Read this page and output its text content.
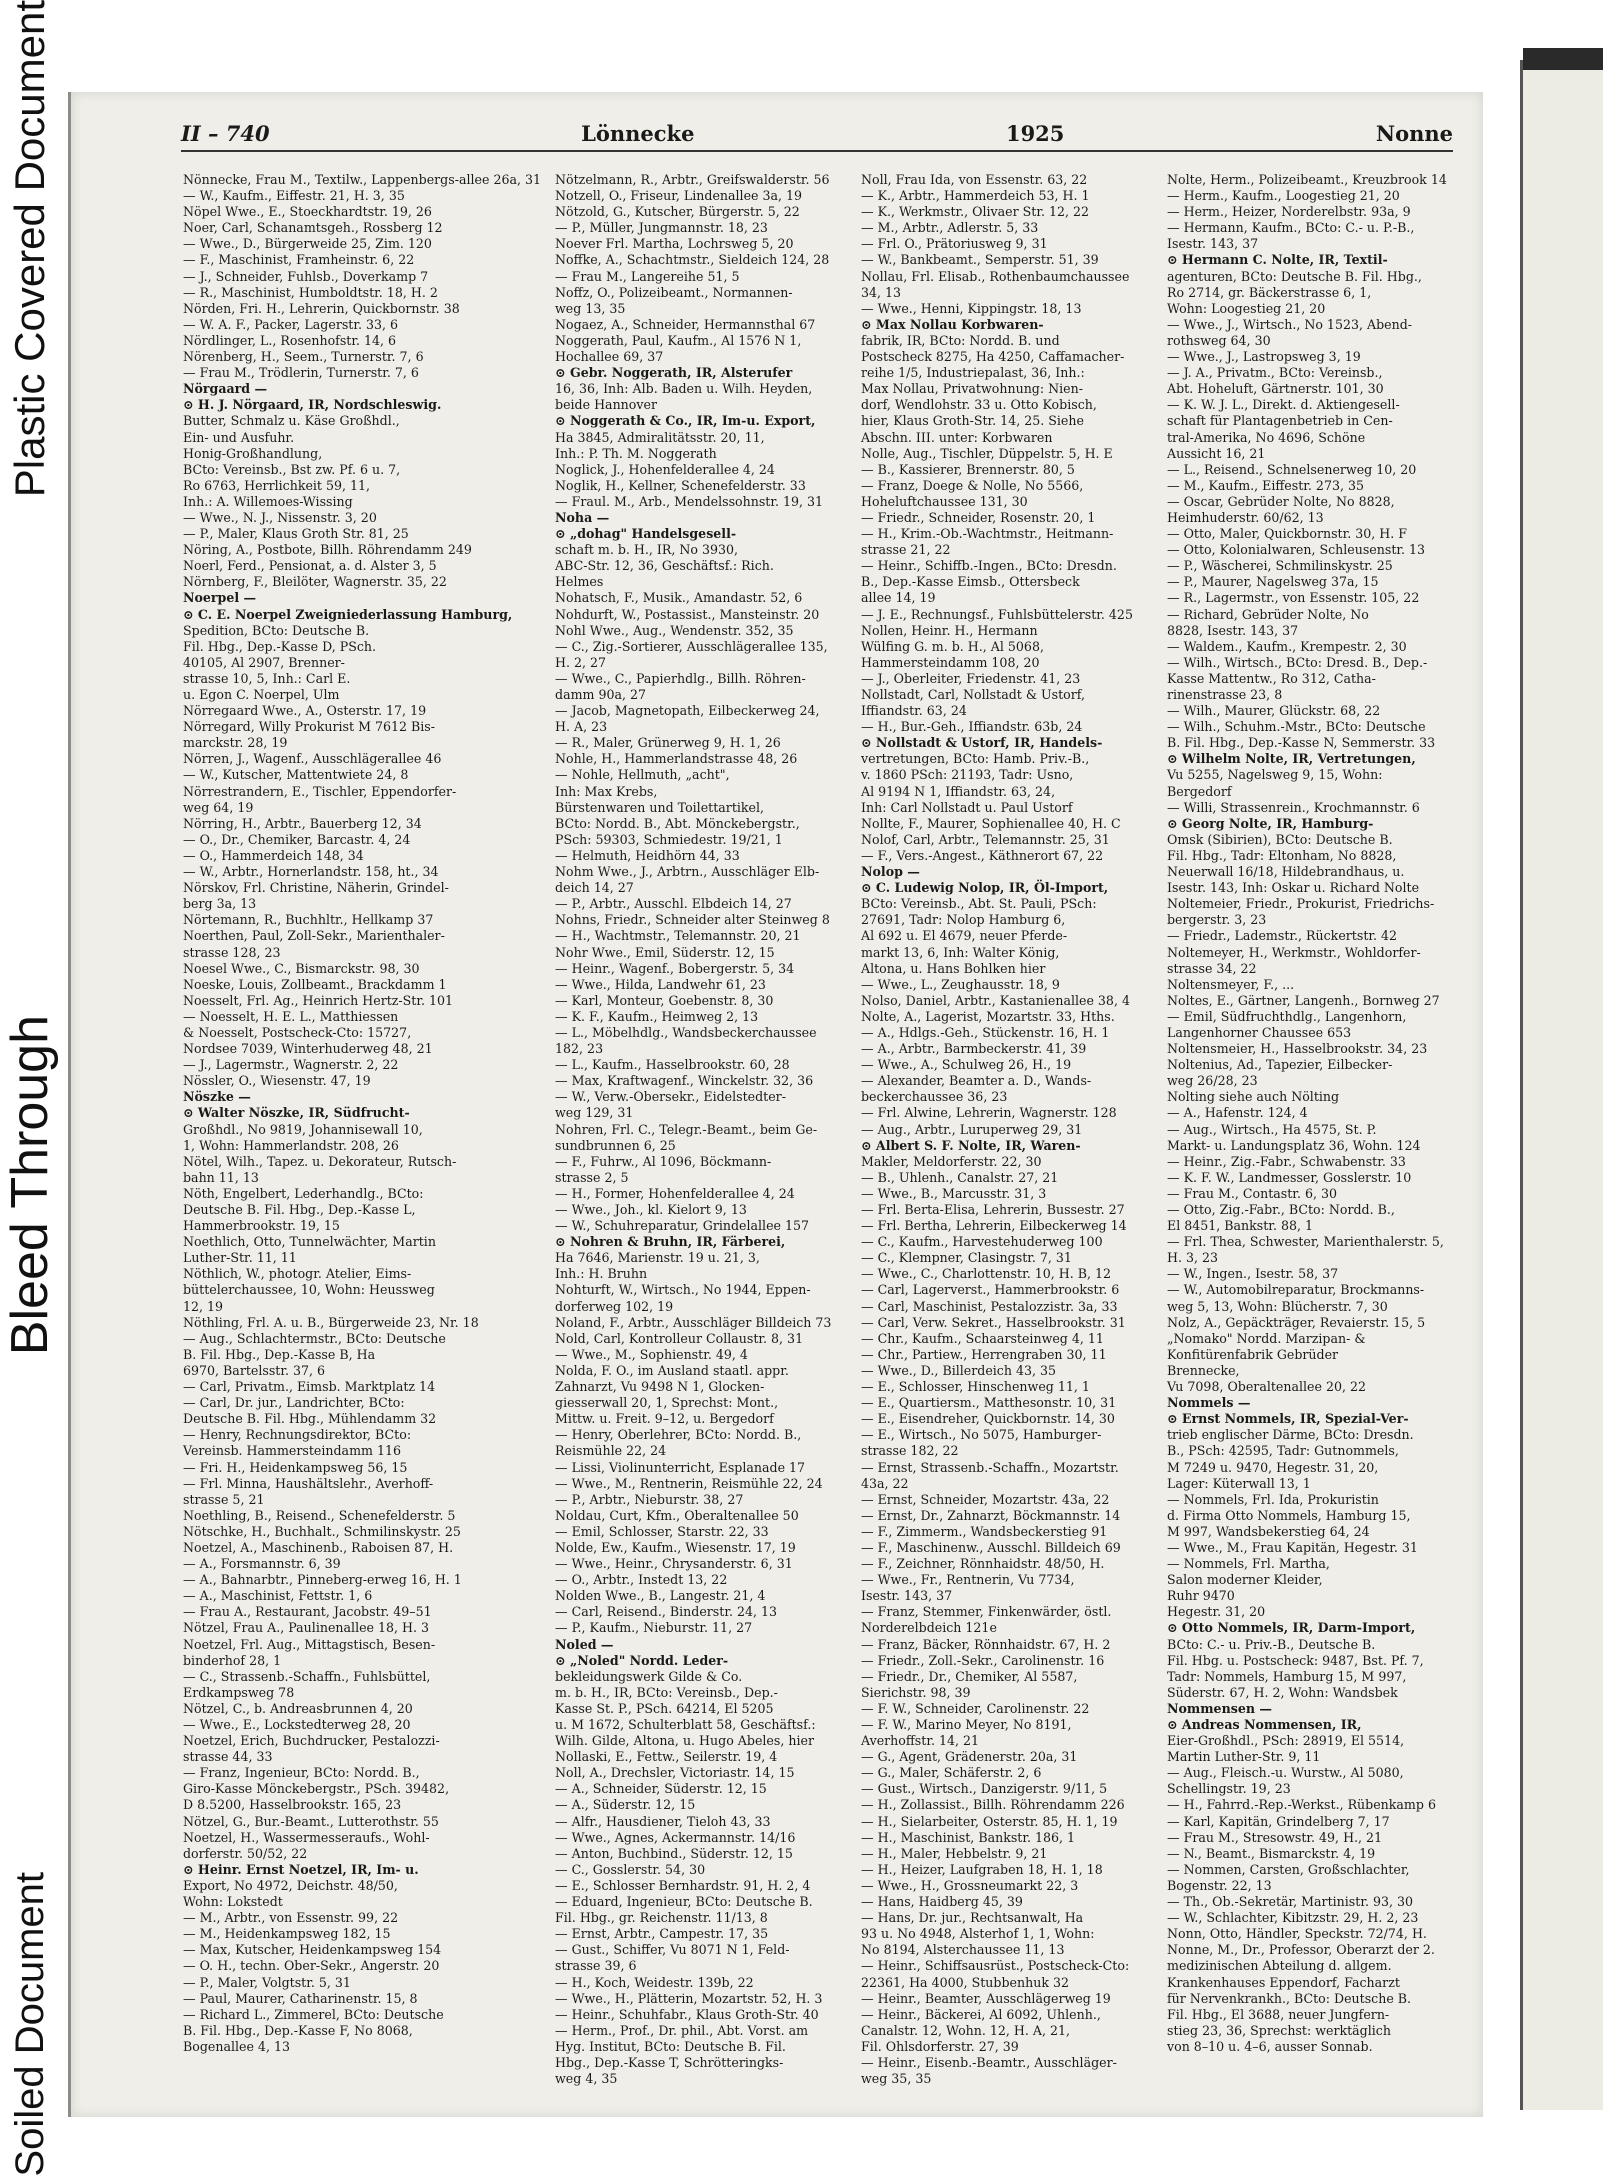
Plastic Covered Document
Bleed Through
Soiled Document
II – 740	Lönnecke	1925	Nonne

Nönnecke, Frau M., Textilw., Lappenbergs-allee 26a, 31

— W., Kaufm., Eiffestr. 21, H. 3, 35

Nöpel Wwe., E., Stoeckhardtstr. 19, 26

Noer, Carl, Schanamtsgeh., Rossberg 12

— Wwe., D., Bürgerweide 25, Zim. 120

— F., Maschinist, Framheinstr. 6, 22

— J., Schneider, Fuhlsb., Doverkamp 7

— R., Maschinist, Humboldtstr. 18, H. 2

Nörden, Fri. H., Lehrerin, Quickbornstr. 38

— W. A. F., Packer, Lagerstr. 33, 6

Nördlinger, L., Rosenhofstr. 14, 6

Nörenberg, H., Seem., Turnerstr. 7, 6

— Frau M., Trödlerin, Turnerstr. 7, 6

Nörgaard —

⊙ H. J. Nörgaard, IR, Nordschleswig.

Butter, Schmalz u. Käse Großhdl.,

Ein- und Ausfuhr.

Honig-Großhandlung,

BCto: Vereinsb., Bst zw. Pf. 6 u. 7,

Ro 6763, Herrlichkeit 59, 11,

Inh.: A. Willemoes-Wissing

— Wwe., N. J., Nissenstr. 3, 20

— P., Maler, Klaus Groth Str. 81, 25

Nöring, A., Postbote, Billh. Röhrendamm 249

Noerl, Ferd., Pensionat, a. d. Alster 3, 5

Nörnberg, F., Bleilöter, Wagnerstr. 35, 22

Noerpel —

⊙ C. E. Noerpel Zweigniederlassung Hamburg,

Spedition, BCto: Deutsche B.

Fil. Hbg., Dep.-Kasse D, PSch.

40105, Al 2907, Brenner-

strasse 10, 5, Inh.: Carl E.

u. Egon C. Noerpel, Ulm

Nörregaard Wwe., A., Osterstr. 17, 19

Nörregard, Willy Prokurist M 7612 Bis-

marckstr. 28, 19

Nörren, J., Wagenf., Ausschlägerallee 46

— W., Kutscher, Mattentwiete 24, 8

Nörrestrandern, E., Tischler, Eppendorfer-

weg 64, 19

Nörring, H., Arbtr., Bauerberg 12, 34

— O., Dr., Chemiker, Barcastr. 4, 24

— O., Hammerdeich 148, 34

— W., Arbtr., Hornerlandstr. 158, ht., 34

Nörskov, Frl. Christine, Näherin, Grindel-

berg 3a, 13

Nörtemann, R., Buchhltr., Hellkamp 37

Noerthen, Paul, Zoll-Sekr., Marienthaler-

strasse 128, 23

Noesel Wwe., C., Bismarckstr. 98, 30

Noeske, Louis, Zollbeamt., Brackdamm 1

Noesselt, Frl. Ag., Heinrich Hertz-Str. 101

— Noesselt, H. E. L., Matthiessen

& Noesselt, Postscheck-Cto: 15727,

Nordsee 7039, Winterhuderweg 48, 21

— J., Lagermstr., Wagnerstr. 2, 22

Nössler, O., Wiesenstr. 47, 19

Nöszke —

⊙ Walter Nöszke, IR, Südfrucht-

Großhdl., No 9819, Johannisewall 10,

1, Wohn: Hammerlandstr. 208, 26

Nötel, Wilh., Tapez. u. Dekorateur, Rutsch-

bahn 11, 13

Nöth, Engelbert, Lederhandlg., BCto:

Deutsche B. Fil. Hbg., Dep.-Kasse L,

Hammerbrookstr. 19, 15

Noethlich, Otto, Tunnelwächter, Martin

Luther-Str. 11, 11

Nöthlich, W., photogr. Atelier, Eims-

büttelerchaussee, 10, Wohn: Heussweg

12, 19

Nöthling, Frl. A. u. B., Bürgerweide 23, Nr. 18

— Aug., Schlachtermstr., BCto: Deutsche

B. Fil. Hbg., Dep.-Kasse B, Ha

6970, Bartelsstr. 37, 6

— Carl, Privatm., Eimsb. Marktplatz 14

— Carl, Dr. jur., Landrichter, BCto:

Deutsche B. Fil. Hbg., Mühlendamm 32

— Henry, Rechnungsdirektor, BCto:

Vereinsb. Hammersteindamm 116

— Fri. H., Heidenkampsweg 56, 15

— Frl. Minna, Haushältslehr., Averhoff-

strasse 5, 21

Noethling, B., Reisend., Schenefelderstr. 5

Nötschke, H., Buchhalt., Schmilinskystr. 25

Noetzel, A., Maschinenb., Raboisen 87, H.

— A., Forsmannstr. 6, 39

— A., Bahnarbtr., Pinneberg-erweg 16, H. 1

— A., Maschinist, Fettstr. 1, 6

— Frau A., Restaurant, Jacobstr. 49–51

Nötzel, Frau A., Paulinenallee 18, H. 3

Noetzel, Frl. Aug., Mittagstisch, Besen-

binderhof 28, 1

— C., Strassenb.-Schaffn., Fuhlsbüttel,

Erdkampsweg 78

Nötzel, C., b. Andreasbrunnen 4, 20

— Wwe., E., Lockstedterweg 28, 20

Noetzel, Erich, Buchdrucker, Pestalozzi-

strasse 44, 33

— Franz, Ingenieur, BCto: Nordd. B.,

Giro-Kasse Mönckebergstr., PSch. 39482,

D 8.5200, Hasselbrookstr. 165, 23

Nötzel, G., Bur.-Beamt., Lutterothstr. 55

Noetzel, H., Wassermesseraufs., Wohl-

dorferstr. 50/52, 22

⊙ Heinr. Ernst Noetzel, IR, Im- u.

Export, No 4972, Deichstr. 48/50,

Wohn: Lokstedt

— M., Arbtr., von Essenstr. 99, 22

— M., Heidenkampsweg 182, 15

— Max, Kutscher, Heidenkampsweg 154

— O. H., techn. Ober-Sekr., Angerstr. 20

— P., Maler, Volgtstr. 5, 31

— Paul, Maurer, Catharinenstr. 15, 8

— Richard L., Zimmerel, BCto: Deutsche

B. Fil. Hbg., Dep.-Kasse F, No 8068,

Bogenallee 4, 13

Nötzelmann, R., Arbtr., Greifswalderstr. 56

Notzell, O., Friseur, Lindenallee 3a, 19

Nötzold, G., Kutscher, Bürgerstr. 5, 22

— P., Müller, Jungmannstr. 18, 23

Noever Frl. Martha, Lochrsweg 5, 20

Noffke, A., Schachtmstr., Sieldeich 124, 28

— Frau M., Langereihe 51, 5

Noffz, O., Polizeibeamt., Normannen-

weg 13, 35

Nogaez, A., Schneider, Hermannsthal 67

Noggerath, Paul, Kaufm., Al 1576 N 1,

Hochallee 69, 37

⊙ Gebr. Noggerath, IR, Alsterufer

16, 36, Inh: Alb. Baden u. Wilh. Heyden,

beide Hannover

⊙ Noggerath & Co., IR, Im-u. Export,

Ha 3845, Admiralitätsstr. 20, 11,

Inh.: P. Th. M. Noggerath

Noglick, J., Hohenfelderallee 4, 24

Noglik, H., Kellner, Schenefelderstr. 33

— Fraul. M., Arb., Mendelssohnstr. 19, 31

Noha —

⊙ „dohag" Handelsgesell-

schaft m. b. H., IR, No 3930,

ABC-Str. 12, 36, Geschäftsf.: Rich.

Helmes

Nohatsch, F., Musik., Amandastr. 52, 6

Nohdurft, W., Postassist., Mansteinstr. 20

Nohl Wwe., Aug., Wendenstr. 352, 35

— C., Zig.-Sortierer, Ausschlägerallee 135,

H. 2, 27

— Wwe., C., Papierhdlg., Billh. Röhren-

damm 90a, 27

— Jacob, Magnetopath, Eilbeckerweg 24,

H. A, 23

— R., Maler, Grünerweg 9, H. 1, 26

Nohle, H., Hammerlandstrasse 48, 26

— Nohle, Hellmuth, „acht",

Inh: Max Krebs,

Bürstenwaren und Toilettartikel,

BCto: Nordd. B., Abt. Mönckebergstr.,

PSch: 59303, Schmiedestr. 19/21, 1

— Helmuth, Heidhörn 44, 33

Nohm Wwe., J., Arbtrn., Ausschläger Elb-

deich 14, 27

— P., Arbtr., Ausschl. Elbdeich 14, 27

Nohns, Friedr., Schneider alter Steinweg 8

— H., Wachtmstr., Telemannstr. 20, 21

Nohr Wwe., Emil, Süderstr. 12, 15

— Heinr., Wagenf., Bobergerstr. 5, 34

— Wwe., Hilda, Landwehr 61, 23

— Karl, Monteur, Goebenstr. 8, 30

— K. F., Kaufm., Heimweg 2, 13

— L., Möbelhdlg., Wandsbeckerchaussee

182, 23

— L., Kaufm., Hasselbrookstr. 60, 28

— Max, Kraftwagenf., Winckelstr. 32, 36

— W., Verw.-Obersekr., Eidelstedter-

weg 129, 31

Nohren, Frl. C., Telegr.-Beamt., beim Ge-

sundbrunnen 6, 25

— F., Fuhrw., Al 1096, Böckmann-

strasse 2, 5

— H., Former, Hohenfelderallee 4, 24

— Wwe., Joh., kl. Kielort 9, 13

— W., Schuhreparatur, Grindelallee 157

⊙ Nohren & Bruhn, IR, Färberei,

Ha 7646, Marienstr. 19 u. 21, 3,

Inh.: H. Bruhn

Nohturft, W., Wirtsch., No 1944, Eppen-

dorferweg 102, 19

Noland, F., Arbtr., Ausschläger Billdeich 73

Nold, Carl, Kontrolleur Collaustr. 8, 31

— Wwe., M., Sophienstr. 49, 4

Nolda, F. O., im Ausland staatl. appr.

Zahnarzt, Vu 9498 N 1, Glocken-

giesserwall 20, 1, Sprechst: Mont.,

Mittw. u. Freit. 9–12, u. Bergedorf

— Henry, Oberlehrer, BCto: Nordd. B.,

Reismühle 22, 24

— Lissi, Violinunterricht, Esplanade 17

— Wwe., M., Rentnerin, Reismühle 22, 24

— P., Arbtr., Nieburstr. 38, 27

Noldau, Curt, Kfm., Oberaltenallee 50

— Emil, Schlosser, Starstr. 22, 33

Nolde, Ew., Kaufm., Wiesenstr. 17, 19

— Wwe., Heinr., Chrysanderstr. 6, 31

— O., Arbtr., Instedt 13, 22

Nolden Wwe., B., Langestr. 21, 4

— Carl, Reisend., Binderstr. 24, 13

— P., Kaufm., Nieburstr. 11, 27

Noled —

⊙ „Noled" Nordd. Leder-

bekleidungswerk Gilde & Co.

m. b. H., IR, BCto: Vereinsb., Dep.-

Kasse St. P., PSch. 64214, El 5205

u. M 1672, Schulterblatt 58, Geschäftsf.:

Wilh. Gilde, Altona, u. Hugo Abeles, hier

Nollaski, E., Fettw., Seilerstr. 19, 4

Noll, A., Drechsler, Victoriastr. 14, 15

— A., Schneider, Süderstr. 12, 15

— A., Süderstr. 12, 15

— Alfr., Hausdiener, Tieloh 43, 33

— Wwe., Agnes, Ackermannstr. 14/16

— Anton, Buchbind., Süderstr. 12, 15

— C., Gosslerstr. 54, 30

— E., Schlosser Bernhardstr. 91, H. 2, 4

— Eduard, Ingenieur, BCto: Deutsche B.

Fil. Hbg., gr. Reichenstr. 11/13, 8

— Ernst, Arbtr., Campestr. 17, 35

— Gust., Schiffer, Vu 8071 N 1, Feld-

strasse 39, 6

— H., Koch, Weidestr. 139b, 22

— Wwe., H., Plätterin, Mozartstr. 52, H. 3

— Heinr., Schuhfabr., Klaus Groth-Str. 40

— Herm., Prof., Dr. phil., Abt. Vorst. am

Hyg. Institut, BCto: Deutsche B. Fil.

Hbg., Dep.-Kasse T, Schrötteringks-

weg 4, 35

Noll, Frau Ida, von Essenstr. 63, 22

— K., Arbtr., Hammerdeich 53, H. 1

— K., Werkmstr., Olivaer Str. 12, 22

— M., Arbtr., Adlerstr. 5, 33

— Frl. O., Prätoriusweg 9, 31

— W., Bankbeamt., Semperstr. 51, 39

Nollau, Frl. Elisab., Rothenbaumchaussee

34, 13

— Wwe., Henni, Kippingstr. 18, 13

⊙ Max Nollau Korbwaren-

fabrik, IR, BCto: Nordd. B. und

Postscheck 8275, Ha 4250, Caffamacher-

reihe 1/5, Industriepalast, 36, Inh.:

Max Nollau, Privatwohnung: Nien-

dorf, Wendlohstr. 33 u. Otto Kobisch,

hier, Klaus Groth-Str. 14, 25. Siehe

Abschn. III. unter: Korbwaren

Nolle, Aug., Tischler, Düppelstr. 5, H. E

— B., Kassierer, Brennerstr. 80, 5

— Franz, Doege & Nolle, No 5566,

Hoheluftchaussee 131, 30

— Friedr., Schneider, Rosenstr. 20, 1

— H., Krim.-Ob.-Wachtmstr., Heitmann-

strasse 21, 22

— Heinr., Schiffb.-Ingen., BCto: Dresdn.

B., Dep.-Kasse Eimsb., Ottersbeck

allee 14, 19

— J. E., Rechnungsf., Fuhlsbüttelerstr. 425

Nollen, Heinr. H., Hermann

Wülfing G. m. b. H., Al 5068,

Hammersteindamm 108, 20

— J., Oberleiter, Friedenstr. 41, 23

Nollstadt, Carl, Nollstadt & Ustorf,

Iffiandstr. 63, 24

— H., Bur.-Geh., Iffiandstr. 63b, 24

⊙ Nollstadt & Ustorf, IR, Handels-

vertretungen, BCto: Hamb. Priv.-B.,

v. 1860 PSch: 21193, Tadr: Usno,

Al 9194 N 1, Iffiandstr. 63, 24,

Inh: Carl Nollstadt u. Paul Ustorf

Nollte, F., Maurer, Sophienallee 40, H. C

Nolof, Carl, Arbtr., Telemannstr. 25, 31

— F., Vers.-Angest., Käthnerort 67, 22

Nolop —

⊙ C. Ludewig Nolop, IR, Öl-Import,

BCto: Vereinsb., Abt. St. Pauli, PSch:

27691, Tadr: Nolop Hamburg 6,

Al 692 u. El 4679, neuer Pferde-

markt 13, 6, Inh: Walter König,

Altona, u. Hans Bohlken hier

— Wwe., L., Zeughausstr. 18, 9

Nolso, Daniel, Arbtr., Kastanienallee 38, 4

Nolte, A., Lagerist, Mozartstr. 33, Hths.

— A., Hdlgs.-Geh., Stückenstr. 16, H. 1

— A., Arbtr., Barmbeckerstr. 41, 39

— Wwe., A., Schulweg 26, H., 19

— Alexander, Beamter a. D., Wands-

beckerchaussee 36, 23

— Frl. Alwine, Lehrerin, Wagnerstr. 128

— Aug., Arbtr., Luruperweg 29, 31

⊙ Albert S. F. Nolte, IR, Waren-

Makler, Meldorferstr. 22, 30

— B., Uhlenh., Canalstr. 27, 21

— Wwe., B., Marcusstr. 31, 3

— Frl. Berta-Elisa, Lehrerin, Bussestr. 27

— Frl. Bertha, Lehrerin, Eilbeckerweg 14

— C., Kaufm., Harvestehuderweg 100

— C., Klempner, Clasingstr. 7, 31

— Wwe., C., Charlottenstr. 10, H. B, 12

— Carl, Lagerverst., Hammerbrookstr. 6

— Carl, Maschinist, Pestalozzistr. 3a, 33

— Carl, Verw. Sekret., Hasselbrookstr. 31

— Chr., Kaufm., Schaarsteinweg 4, 11

— Chr., Partiew., Herrengraben 30, 11

— Wwe., D., Billerdeich 43, 35

— E., Schlosser, Hinschenweg 11, 1

— E., Quartiersm., Matthesonstr. 10, 31

— E., Eisendreher, Quickbornstr. 14, 30

— E., Wirtsch., No 5075, Hamburger-

strasse 182, 22

— Ernst, Strassenb.-Schaffn., Mozartstr.

43a, 22

— Ernst, Schneider, Mozartstr. 43a, 22

— Ernst, Dr., Zahnarzt, Böckmannstr. 14

— F., Zimmerm., Wandsbeckerstieg 91

— F., Maschinenw., Ausschl. Billdeich 69

— F., Zeichner, Rönnhaidstr. 48/50, H.

— Wwe., Fr., Rentnerin, Vu 7734,

Isestr. 143, 37

— Franz, Stemmer, Finkenwärder, östl.

Norderelbdeich 121e

— Franz, Bäcker, Rönnhaidstr. 67, H. 2

— Friedr., Zoll.-Sekr., Carolinenstr. 16

— Friedr., Dr., Chemiker, Al 5587,

Sierichstr. 98, 39

— F. W., Schneider, Carolinenstr. 22

— F. W., Marino Meyer, No 8191,

Averhoffstr. 14, 21

— G., Agent, Grädenerstr. 20a, 31

— G., Maler, Schäferstr. 2, 6

— Gust., Wirtsch., Danzigerstr. 9/11, 5

— H., Zollassist., Billh. Röhrendamm 226

— H., Sielarbeiter, Osterstr. 85, H. 1, 19

— H., Maschinist, Bankstr. 186, 1

— H., Maler, Hebbelstr. 9, 21

— H., Heizer, Laufgraben 18, H. 1, 18

— Wwe., H., Grossneumarkt 22, 3

— Hans, Haidberg 45, 39

— Hans, Dr. jur., Rechtsanwalt, Ha

93 u. No 4948, Alsterhof 1, 1, Wohn:

No 8194, Alsterchaussee 11, 13

— Heinr., Schiffsausrüst., Postscheck-Cto:

22361, Ha 4000, Stubbenhuk 32

— Heinr., Beamter, Ausschlägerweg 19

— Heinr., Bäckerei, Al 6092, Uhlenh.,

Canalstr. 12, Wohn. 12, H. A, 21,

Fil. Ohlsdorferstr. 27, 39

— Heinr., Eisenb.-Beamtr., Ausschläger-

weg 35, 35

Nolte, Herm., Polizeibeamt., Kreuzbrook 14

— Herm., Kaufm., Loogestieg 21, 20

— Herm., Heizer, Norderelbstr. 93a, 9

— Hermann, Kaufm., BCto: C.- u. P.-B.,

Isestr. 143, 37

⊙ Hermann C. Nolte, IR, Textil-

agenturen, BCto: Deutsche B. Fil. Hbg.,

Ro 2714, gr. Bäckerstrasse 6, 1,

Wohn: Loogestieg 21, 20

— Wwe., J., Wirtsch., No 1523, Abend-

rothsweg 64, 30

— Wwe., J., Lastropsweg 3, 19

— J. A., Privatm., BCto: Vereinsb.,

Abt. Hoheluft, Gärtnerstr. 101, 30

— K. W. J. L., Direkt. d. Aktiengesell-

schaft für Plantagenbetrieb in Cen-

tral-Amerika, No 4696, Schöne

Aussicht 16, 21

— L., Reisend., Schnelsenerweg 10, 20

— M., Kaufm., Eiffestr. 273, 35

— Oscar, Gebrüder Nolte, No 8828,

Heimhuderstr. 60/62, 13

— Otto, Maler, Quickbornstr. 30, H. F

— Otto, Kolonialwaren, Schleusenstr. 13

— P., Wäscherei, Schmilinskystr. 25

— P., Maurer, Nagelsweg 37a, 15

— R., Lagermstr., von Essenstr. 105, 22

— Richard, Gebrüder Nolte, No

8828, Isestr. 143, 37

— Waldem., Kaufm., Krempestr. 2, 30

— Wilh., Wirtsch., BCto: Dresd. B., Dep.-

Kasse Mattentw., Ro 312, Catha-

rinenstrasse 23, 8

— Wilh., Maurer, Glückstr. 68, 22

— Wilh., Schuhm.-Mstr., BCto: Deutsche

B. Fil. Hbg., Dep.-Kasse N, Semmerstr. 33

⊙ Wilhelm Nolte, IR, Vertretungen,

Vu 5255, Nagelsweg 9, 15, Wohn:

Bergedorf

— Willi, Strassenrein., Krochmannstr. 6

⊙ Georg Nolte, IR, Hamburg-

Omsk (Sibirien), BCto: Deutsche B.

Fil. Hbg., Tadr: Eltonham, No 8828,

Neuerwall 16/18, Hildebrandhaus, u.

Isestr. 143, Inh: Oskar u. Richard Nolte

Noltemeier, Friedr., Prokurist, Friedrichs-

bergerstr. 3, 23

— Friedr., Lademstr., Rückertstr. 42

Noltemeyer, H., Werkmstr., Wohldorfer-

strasse 34, 22

Noltensmeyer, F., ...

Noltes, E., Gärtner, Langenh., Bornweg 27

— Emil, Südfruchthdlg., Langenhorn,

Langenhorner Chaussee 653

Noltensmeier, H., Hasselbrookstr. 34, 23

Noltenius, Ad., Tapezier, Eilbecker-

weg 26/28, 23

Nolting siehe auch Nölting

— A., Hafenstr. 124, 4

— Aug., Wirtsch., Ha 4575, St. P.

Markt- u. Landungsplatz 36, Wohn. 124

— Heinr., Zig.-Fabr., Schwabenstr. 33

— K. F. W., Landmesser, Gosslerstr. 10

— Frau M., Contastr. 6, 30

— Otto, Zig.-Fabr., BCto: Nordd. B.,

El 8451, Bankstr. 88, 1

— Frl. Thea, Schwester, Marienthalerstr. 5,

H. 3, 23

— W., Ingen., Isestr. 58, 37

— W., Automobilreparatur, Brockmanns-

weg 5, 13, Wohn: Blücherstr. 7, 30

Nolz, A., Gepäckträger, Revaierstr. 15, 5

„Nomako" Nordd. Marzipan- &

Konfitürenfabrik Gebrüder

Brennecke,

Vu 7098, Oberaltenallee 20, 22

Nommels —

⊙ Ernst Nommels, IR, Spezial-Ver-

trieb englischer Därme, BCto: Dresdn.

B., PSch: 42595, Tadr: Gutnommels,

M 7249 u. 9470, Hegestr. 31, 20,

Lager: Küterwall 13, 1

— Nommels, Frl. Ida, Prokuristin

d. Firma Otto Nommels, Hamburg 15,

M 997, Wandsbekerstieg 64, 24

— Wwe., M., Frau Kapitän, Hegestr. 31

— Nommels, Frl. Martha,

Salon moderner Kleider,

Ruhr 9470

Hegestr. 31, 20

⊙ Otto Nommels, IR, Darm-Import,

BCto: C.- u. Priv.-B., Deutsche B.

Fil. Hbg. u. Postscheck: 9487, Bst. Pf. 7,

Tadr: Nommels, Hamburg 15, M 997,

Süderstr. 67, H. 2, Wohn: Wandsbek

Nommensen —

⊙ Andreas Nommensen, IR,

Eier-Großhdl., PSch: 28919, El 5514,

Martin Luther-Str. 9, 11

— Aug., Fleisch.-u. Wurstw., Al 5080,

Schellingstr. 19, 23

— H., Fahrrd.-Rep.-Werkst., Rübenkamp 6

— Karl, Kapitän, Grindelberg 7, 17

— Frau M., Stresowstr. 49, H., 21

— N., Beamt., Bismarckstr. 4, 19

— Nommen, Carsten, Großschlachter,

Bogenstr. 22, 13

— Th., Ob.-Sekretär, Martinistr. 93, 30

— W., Schlachter, Kibitzstr. 29, H. 2, 23

Nonn, Otto, Händler, Speckstr. 72/74, H.

Nonne, M., Dr., Professor, Oberarzt der 2.

medizinischen Abteilung d. allgem.

Krankenhauses Eppendorf, Facharzt

für Nervenkrankh., BCto: Deutsche B.

Fil. Hbg., El 3688, neuer Jungfern-

stieg 23, 36, Sprechst: werktäglich

von 8–10 u. 4–6, ausser Sonnab.
